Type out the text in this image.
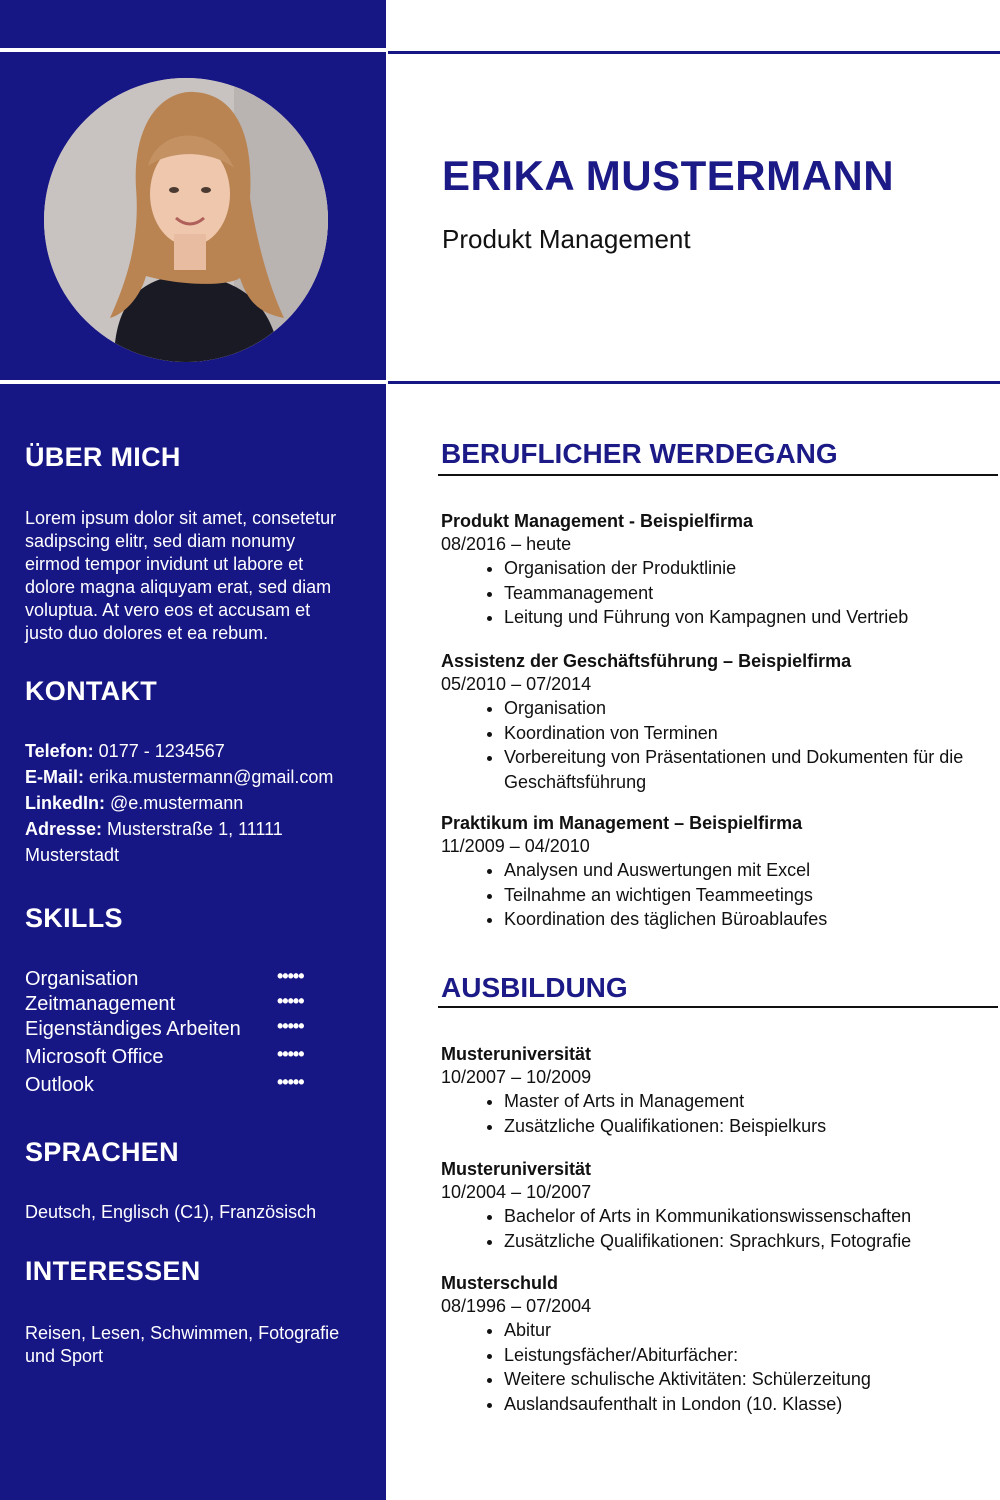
ERIKA MUSTERMANN
Produkt Management
ÜBER MICH
Lorem ipsum dolor sit amet, consetetur
sadipscing elitr, sed diam nonumy
eirmod tempor invidunt ut labore et
dolore magna aliquyam erat, sed diam
voluptua. At vero eos et accusam et
justo duo dolores et ea rebum.
KONTAKT
Telefon: 0177 - 1234567
E-Mail: erika.mustermann@gmail.com
LinkedIn: @e.mustermann
Adresse: Musterstraße 1, 11111
Musterstadt
SKILLS
Organisation	•••••
Zeitmanagement	•••••
Eigenständiges Arbeiten •••••
Microsoft Office	•••••
Outlook	•••••
SPRACHEN
Deutsch, Englisch (C1), Französisch
INTERESSEN
Reisen, Lesen, Schwimmen, Fotografie
und Sport
BERUFLICHER WERDEGANG
Produkt Management - Beispielfirma
08/2016 – heute
• Organisation der Produktlinie
• Teammanagement
• Leitung und Führung von Kampagnen und Vertrieb
Assistenz der Geschäftsführung – Beispielfirma
05/2010 – 07/2014
• Organisation
• Koordination von Terminen
• Vorbereitung von Präsentationen und Dokumenten für die Geschäftsführung
Praktikum im Management – Beispielfirma
11/2009 – 04/2010
• Analysen und Auswertungen mit Excel
• Teilnahme an wichtigen Teammeetings
• Koordination des täglichen Büroablaufes
AUSBILDUNG
Musteruniversität
10/2007 – 10/2009
• Master of Arts in Management
• Zusätzliche Qualifikationen: Beispielkurs
Musteruniversität
10/2004 – 10/2007
• Bachelor of Arts in Kommunikationswissenschaften
• Zusätzliche Qualifikationen: Sprachkurs, Fotografie
Musterschuld
08/1996 – 07/2004
• Abitur
• Leistungsfächer/Abiturfächer:
• Weitere schulische Aktivitäten: Schülerzeitung
• Auslandsaufenthalt in London (10. Klasse)
